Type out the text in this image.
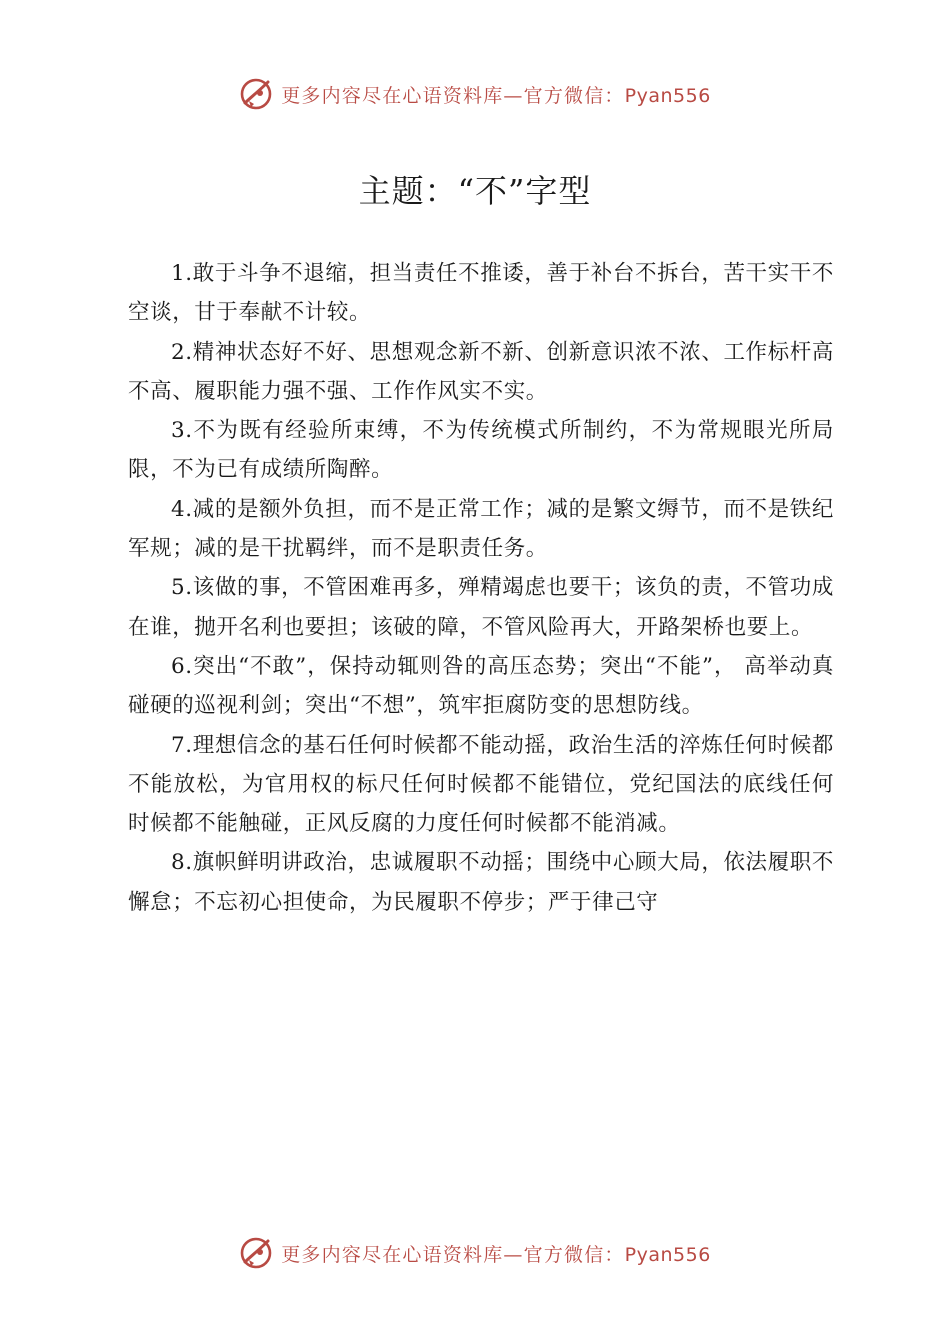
更多内容尽在心语资料库—官方微信：Pyan556
主题：“不”字型

1.敢于斗争不退缩，担当责任不推诿，善于补台不拆台，苦干实干不空谈，甘于奉献不计较。

2.精神状态好不好、思想观念新不新、创新意识浓不浓、工作标杆高不高、履职能力强不强、工作作风实不实。

3.不为既有经验所束缚，不为传统模式所制约，不为常规眼光所局限，不为已有成绩所陶醉。

4.减的是额外负担，而不是正常工作；减的是繁文缛节，而不是铁纪军规；减的是干扰羁绊，而不是职责任务。

5.该做的事，不管困难再多，殚精竭虑也要干；该负的责，不管功成在谁，抛开名利也要担；该破的障，不管风险再大，开路架桥也要上。

6.突出“不敢”，保持动辄则咎的高压态势；突出“不能”， 高举动真碰硬的巡视利剑；突出“不想”，筑牢拒腐防变的思想防线。

7.理想信念的基石任何时候都不能动摇，政治生活的淬炼任何时候都不能放松，为官用权的标尺任何时候都不能错位，党纪国法的底线任何时候都不能触碰，正风反腐的力度任何时候都不能消减。

8.旗帜鲜明讲政治，忠诚履职不动摇；围绕中心顾大局，依法履职不懈怠；不忘初心担使命，为民履职不停步；严于律己守

更多内容尽在心语资料库—官方微信：Pyan556
